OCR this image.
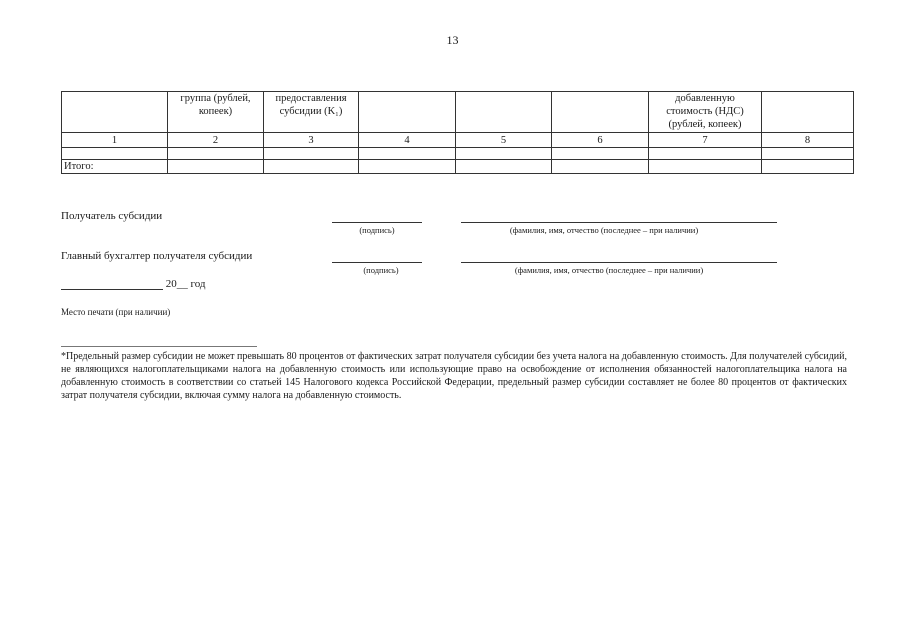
13
	группа (рублей, копеек)	предоставления субсидии (K₁)				добавленную стоимость (НДС) (рублей, копеек)	
1	2	3	4	5	6	7	8

Итого:							
Получатель субсидии
(подпись)	(фамилия, имя, отчество (последнее – при наличии)
Главный бухгалтер получателя субсидии
(подпись)	(фамилия, имя, отчество (последнее – при наличии)
20__ год
Место печати (при наличии)
*Предельный размер субсидии не может превышать 80 процентов от фактических затрат получателя субсидии без учета налога на добавленную стоимость. Для получателей субсидий, не являющихся налогоплательщиками налога на добавленную стоимость или использующие право на освобождение от исполнения обязанностей налогоплательщика налога на добавленную стоимость в соответствии со статьей 145 Налогового кодекса Российской Федерации, предельный размер субсидии составляет не более 80 процентов от фактических затрат получателя субсидии, включая сумму налога на добавленную стоимость.
